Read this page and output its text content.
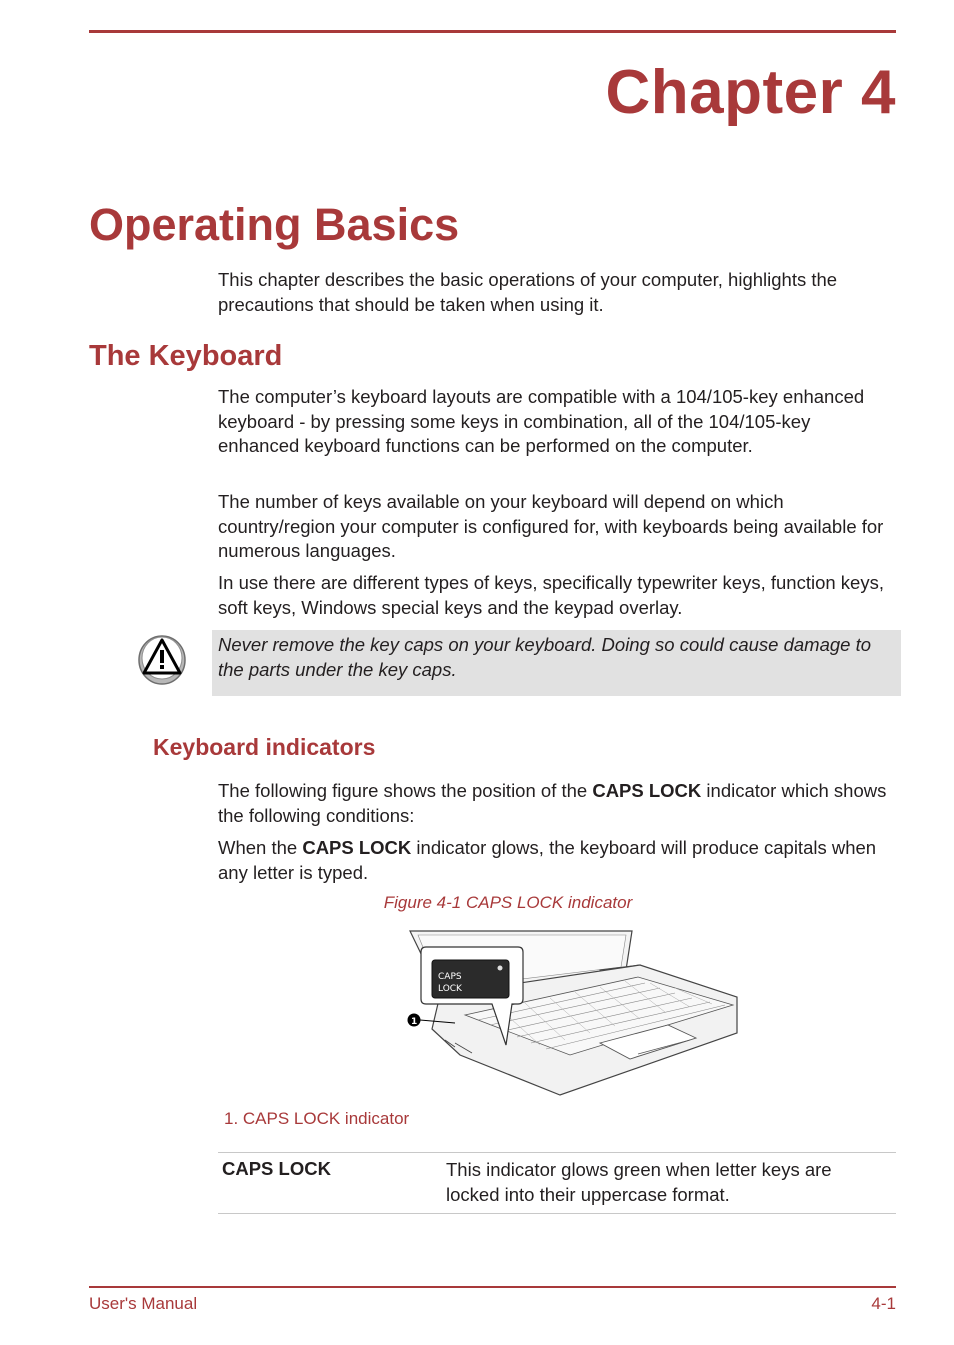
Chapter 4
Operating Basics

This chapter describes the basic operations of your computer, highlights the precautions that should be taken when using it.

The Keyboard

The computer’s keyboard layouts are compatible with a 104/105-key enhanced keyboard - by pressing some keys in combination, all of the 104/105-key enhanced keyboard functions can be performed on the computer.

The number of keys available on your keyboard will depend on which country/region your computer is configured for, with keyboards being available for numerous languages.

In use there are different types of keys, specifically typewriter keys, function keys, soft keys, Windows special keys and the keypad overlay.

Never remove the key caps on your keyboard. Doing so could cause damage to the parts under the key caps.

Keyboard indicators

The following figure shows the position of the CAPS LOCK indicator which shows the following conditions:

When the CAPS LOCK indicator glows, the keyboard will produce capitals when any letter is typed.

Figure 4-1 CAPS LOCK indicator
CAPS
LOCK
1
1. CAPS LOCK indicator
CAPS LOCK	This indicator glows green when letter keys are locked into their uppercase format.
User's Manual	4-1
